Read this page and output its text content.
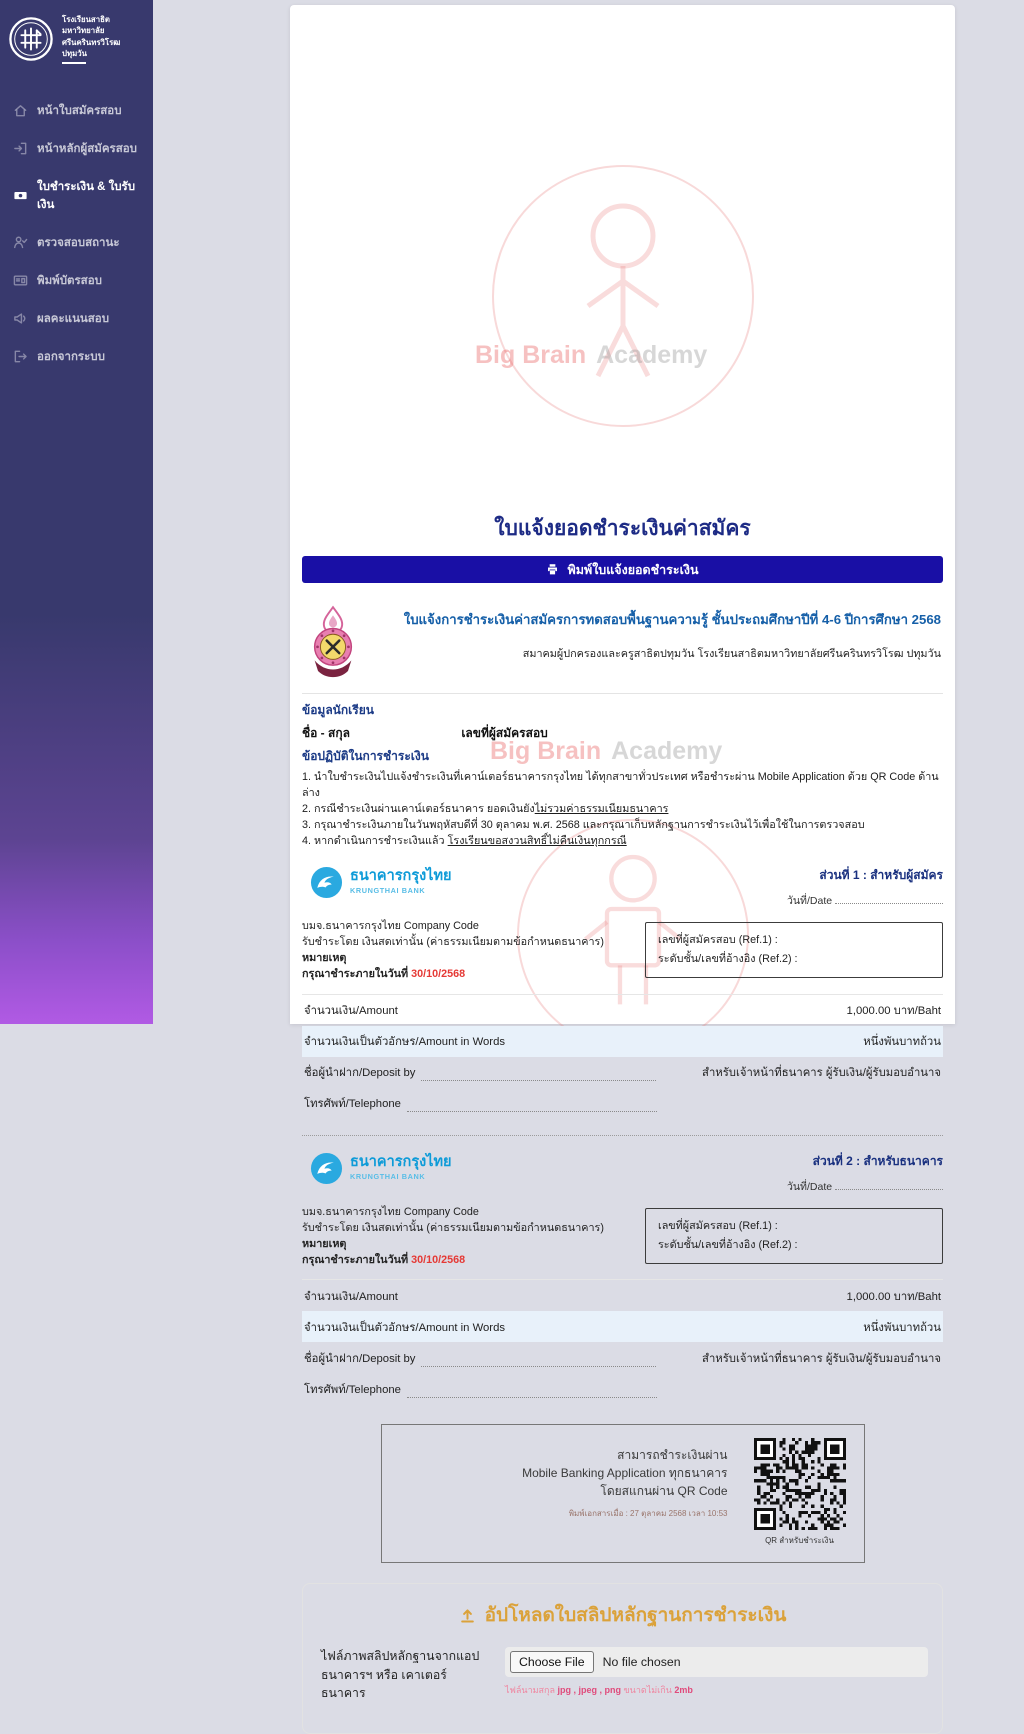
โรงเรียนสาธิต
มหาวิทยาลัยศรีนครินทรวิโรฒ
ปทุมวัน
หน้าใบสมัครสอบ
หน้าหลักผู้สมัครสอบ
ใบชำระเงิน & ใบรับเงิน
ตรวจสอบสถานะ
พิมพ์บัตรสอบ
ผลคะแนนสอบ
ออกจากระบบ	Big Brain Academy
Big Brain Academy
ใบแจ้งยอดชำระเงินค่าสมัคร
พิมพ์ใบแจ้งยอดชำระเงิน
ใบแจ้งการชำระเงินค่าสมัครการทดสอบพื้นฐานความรู้ ชั้นประถมศึกษาปีที่ 4-6 ปีการศึกษา 2568
สมาคมผู้ปกครองและครูสาธิตปทุมวัน โรงเรียนสาธิตมหาวิทยาลัยศรีนครินทรวิโรฒ ปทุมวัน
ข้อมูลนักเรียน
ชื่อ - สกุล	เลขที่ผู้สมัครสอบ
ข้อปฏิบัติในการชำระเงิน
1. นำใบชำระเงินไปแจ้งชำระเงินที่เคาน์เตอร์ธนาคารกรุงไทย ได้ทุกสาขาทั่วประเทศ หรือชำระผ่าน Mobile Application ด้วย QR Code ด้านล่าง
2. กรณีชำระเงินผ่านเคาน์เตอร์ธนาคาร ยอดเงินยังไม่รวมค่าธรรมเนียมธนาคาร
3. กรุณาชำระเงินภายในวันพฤหัสบดีที่ 30 ตุลาคม พ.ศ. 2568 และกรุณาเก็บหลักฐานการชำระเงินไว้เพื่อใช้ในการตรวจสอบ
4. หากดำเนินการชำระเงินแล้ว โรงเรียนขอสงวนสิทธิ์ไม่คืนเงินทุกกรณี
ธนาคารกรุงไทย
KRUNGTHAI BANK
ส่วนที่ 1 : สำหรับผู้สมัคร
วันที่/Date
บมจ.ธนาคารกรุงไทย Company Code
รับชำระโดย เงินสดเท่านั้น (ค่าธรรมเนียมตามข้อกำหนดธนาคาร)
หมายเหตุ
กรุณาชำระภายในวันที่ 30/10/2568
เลขที่ผู้สมัครสอบ (Ref.1) :
ระดับชั้น/เลขที่อ้างอิง (Ref.2) :
จำนวนเงิน/Amount	1,000.00 บาท/Baht
จำนวนเงินเป็นตัวอักษร/Amount in Words	หนึ่งพันบาทถ้วน
ชื่อผู้นำฝาก/Deposit by	สำหรับเจ้าหน้าที่ธนาคาร ผู้รับเงิน/ผู้รับมอบอำนาจ
โทรศัพท์/Telephone
ธนาคารกรุงไทย
KRUNGTHAI BANK
ส่วนที่ 2 : สำหรับธนาคาร
วันที่/Date
บมจ.ธนาคารกรุงไทย Company Code
รับชำระโดย เงินสดเท่านั้น (ค่าธรรมเนียมตามข้อกำหนดธนาคาร)
หมายเหตุ
กรุณาชำระภายในวันที่ 30/10/2568
เลขที่ผู้สมัครสอบ (Ref.1) :
ระดับชั้น/เลขที่อ้างอิง (Ref.2) :
จำนวนเงิน/Amount	1,000.00 บาท/Baht
จำนวนเงินเป็นตัวอักษร/Amount in Words	หนึ่งพันบาทถ้วน
ชื่อผู้นำฝาก/Deposit by	สำหรับเจ้าหน้าที่ธนาคาร ผู้รับเงิน/ผู้รับมอบอำนาจ
โทรศัพท์/Telephone
สามารถชำระเงินผ่าน
Mobile Banking Application ทุกธนาคาร
โดยสแกนผ่าน QR Code
พิมพ์เอกสารเมื่อ : 27 ตุลาคม 2568 เวลา 10:53
QR สำหรับชำระเงิน
อัปโหลดใบสลิปหลักฐานการชำระเงิน
ไฟล์ภาพสลิปหลักฐานจากแอปธนาคารฯ หรือ เคาเตอร์ธนาคาร
Choose File	No file chosen
ไฟล์นามสกุล jpg , jpeg , png ขนาดไม่เกิน 2mb
